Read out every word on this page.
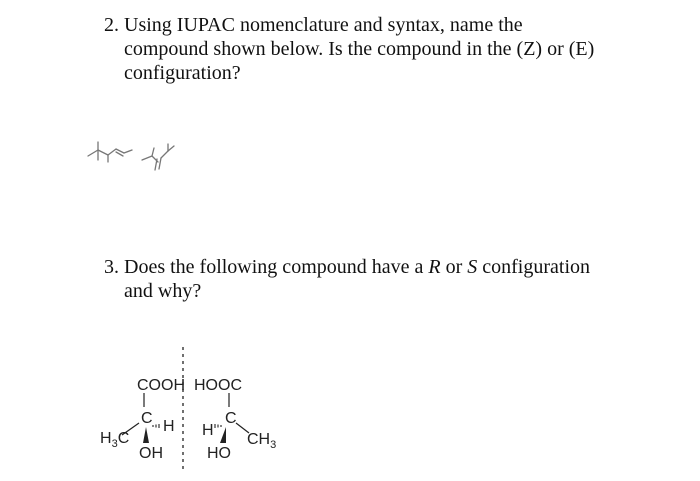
2. Using IUPAC nomenclature and syntax, name the
compound shown below. Is the compound in the (Z) or (E)
configuration?
3. Does the following compound have a R or S configuration
and why?
COOH
C H
OH
$H_3C$
HOOC
C
H
HO
$CH_3$
